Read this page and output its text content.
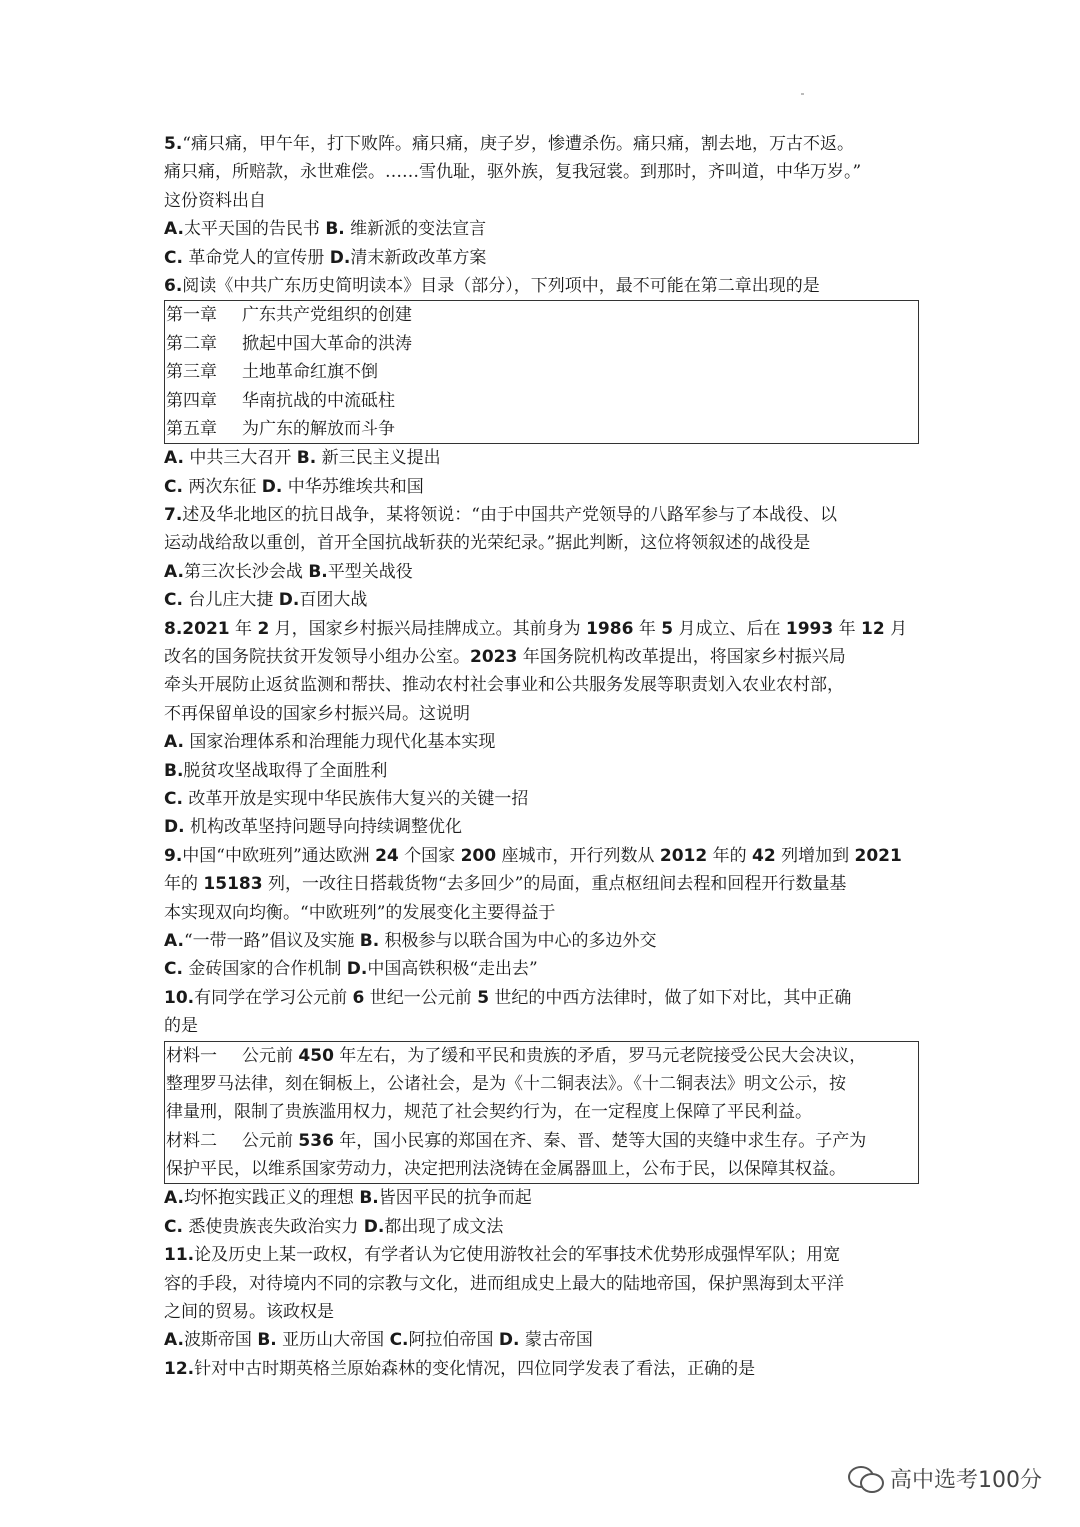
5.“痛只痛，甲午年，打下败阵。痛只痛，庚子岁，惨遭杀伤。痛只痛，割去地，万古不返。
痛只痛，所赔款，永世难偿。……雪仇耻，驱外族，复我冠裳。到那时，齐叫道，中华万岁。”
这份资料出自
A.太平天国的告民书 B. 维新派的变法宣言
C. 革命党人的宣传册 D.清末新政改革方案
6.阅读《中共广东历史简明读本》目录（部分），下列项中，最不可能在第二章出现的是
第一章 广东共产党组织的创建
第二章 掀起中国大革命的洪涛
第三章 土地革命红旗不倒
第四章 华南抗战的中流砥柱
第五章 为广东的解放而斗争
A. 中共三大召开 B. 新三民主义提出
C. 两次东征 D. 中华苏维埃共和国
7.述及华北地区的抗日战争，某将领说：“由于中国共产党领导的八路军参与了本战役、以
运动战给敌以重创，首开全国抗战斩获的光荣纪录。”据此判断，这位将领叙述的战役是
A.第三次长沙会战 B.平型关战役
C. 台儿庄大捷 D.百团大战
8.2021 年 2 月，国家乡村振兴局挂牌成立。其前身为 1986 年 5 月成立、后在 1993 年 12 月
改名的国务院扶贫开发领导小组办公室。2023 年国务院机构改革提出，将国家乡村振兴局
牵头开展防止返贫监测和帮扶、推动农村社会事业和公共服务发展等职责划入农业农村部，
不再保留单设的国家乡村振兴局。这说明
A. 国家治理体系和治理能力现代化基本实现
B.脱贫攻坚战取得了全面胜利
C. 改革开放是实现中华民族伟大复兴的关键一招
D. 机构改革坚持问题导向持续调整优化
9.中国“中欧班列”通达欧洲 24 个国家 200 座城市，开行列数从 2012 年的 42 列增加到 2021
年的 15183 列，一改往日搭载货物“去多回少”的局面，重点枢纽间去程和回程开行数量基
本实现双向均衡。“中欧班列”的发展变化主要得益于
A.“一带一路”倡议及实施 B. 积极参与以联合国为中心的多边外交
C. 金砖国家的合作机制 D.中国高铁积极“走出去”
10.有同学在学习公元前 6 世纪一公元前 5 世纪的中西方法律时，做了如下对比，其中正确
的是
材料一 公元前 450 年左右，为了缓和平民和贵族的矛盾，罗马元老院接受公民大会决议，
整理罗马法律，刻在铜板上，公诸社会，是为《十二铜表法》。《十二铜表法》明文公示，按
律量刑，限制了贵族滥用权力，规范了社会契约行为，在一定程度上保障了平民利益。
材料二 公元前 536 年，国小民寡的郑国在齐、秦、晋、楚等大国的夹缝中求生存。子产为
保护平民，以维系国家劳动力，决定把刑法浇铸在金属器皿上，公布于民，以保障其权益。
A.均怀抱实践正义的理想 B.皆因平民的抗争而起
C. 悉使贵族丧失政治实力 D.都出现了成文法
11.论及历史上某一政权，有学者认为它使用游牧社会的军事技术优势形成强悍军队；用宽
容的手段，对待境内不同的宗教与文化，进而组成史上最大的陆地帝国，保护黑海到太平洋
之间的贸易。该政权是
A.波斯帝国 B. 亚历山大帝国 C.阿拉伯帝国 D. 蒙古帝国
12.针对中古时期英格兰原始森林的变化情况，四位同学发表了看法，正确的是
高中选考100分
